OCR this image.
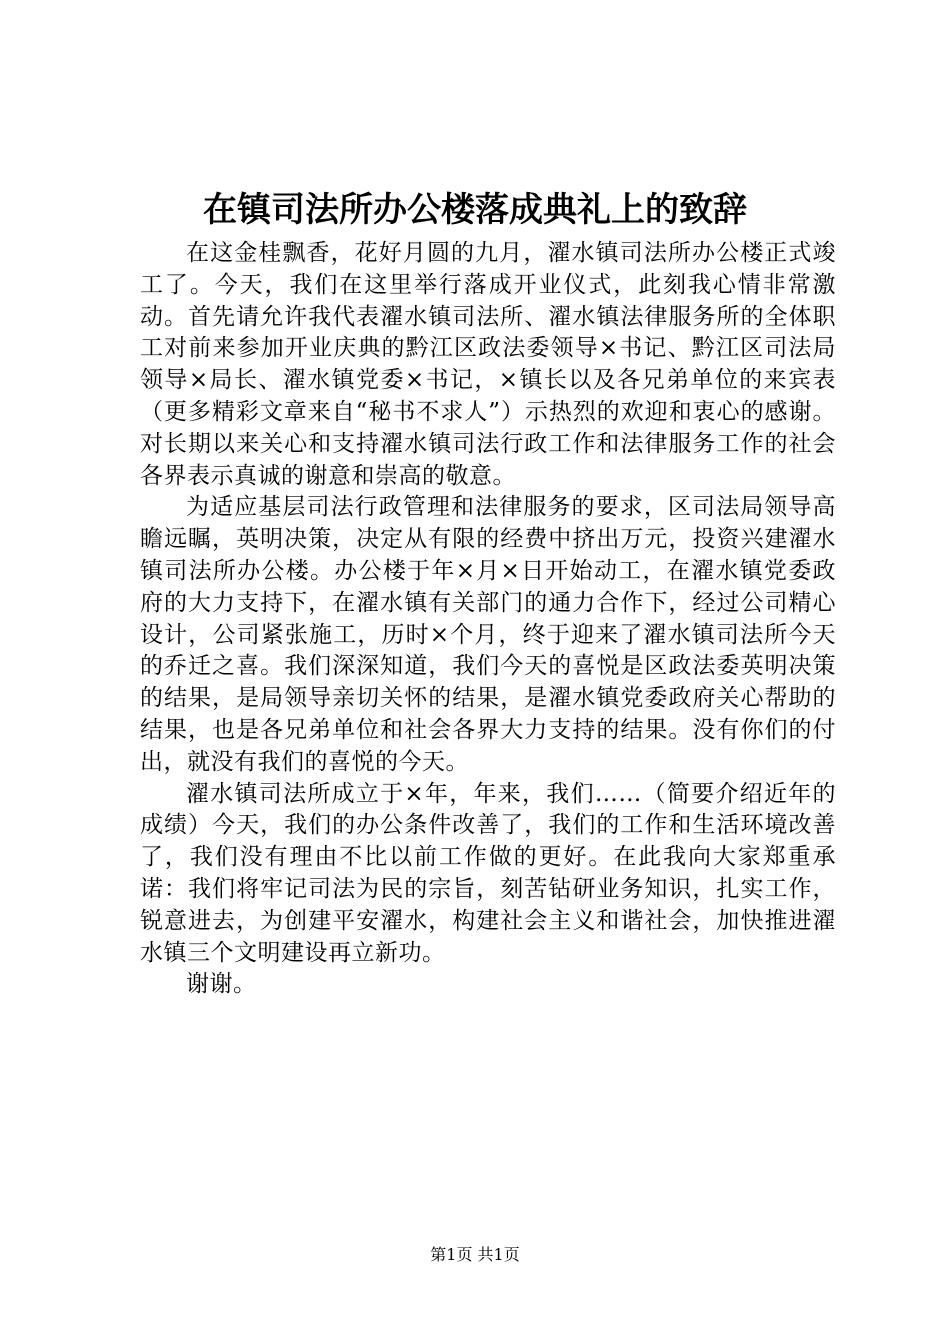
在镇司法所办公楼落成典礼上的致辞

在这金桂飘香，花好月圆的九月，濯水镇司法所办公楼正式竣工了。今天，我们在这里举行落成开业仪式，此刻我心情非常激动。首先请允许我代表濯水镇司法所、濯水镇法律服务所的全体职工对前来参加开业庆典的黔江区政法委领导×书记、黔江区司法局领导×局长、濯水镇党委×书记，×镇长以及各兄弟单位的来宾表（更多精彩文章来自“秘书不求人”）示热烈的欢迎和衷心的感谢。对长期以来关心和支持濯水镇司法行政工作和法律服务工作的社会各界表示真诚的谢意和崇高的敬意。

为适应基层司法行政管理和法律服务的要求，区司法局领导高瞻远瞩，英明决策，决定从有限的经费中挤出万元，投资兴建濯水镇司法所办公楼。办公楼于年×月×日开始动工，在濯水镇党委政府的大力支持下，在濯水镇有关部门的通力合作下，经过公司精心设计，公司紧张施工，历时×个月，终于迎来了濯水镇司法所今天的乔迁之喜。我们深深知道，我们今天的喜悦是区政法委英明决策的结果，是局领导亲切关怀的结果，是濯水镇党委政府关心帮助的结果，也是各兄弟单位和社会各界大力支持的结果。没有你们的付出，就没有我们的喜悦的今天。

濯水镇司法所成立于×年，年来，我们……（简要介绍近年的成绩）今天，我们的办公条件改善了，我们的工作和生活环境改善了，我们没有理由不比以前工作做的更好。在此我向大家郑重承诺：我们将牢记司法为民的宗旨，刻苦钻研业务知识，扎实工作，锐意进去，为创建平安濯水，构建社会主义和谐社会，加快推进濯水镇三个文明建设再立新功。

谢谢。

第1页 共1页
